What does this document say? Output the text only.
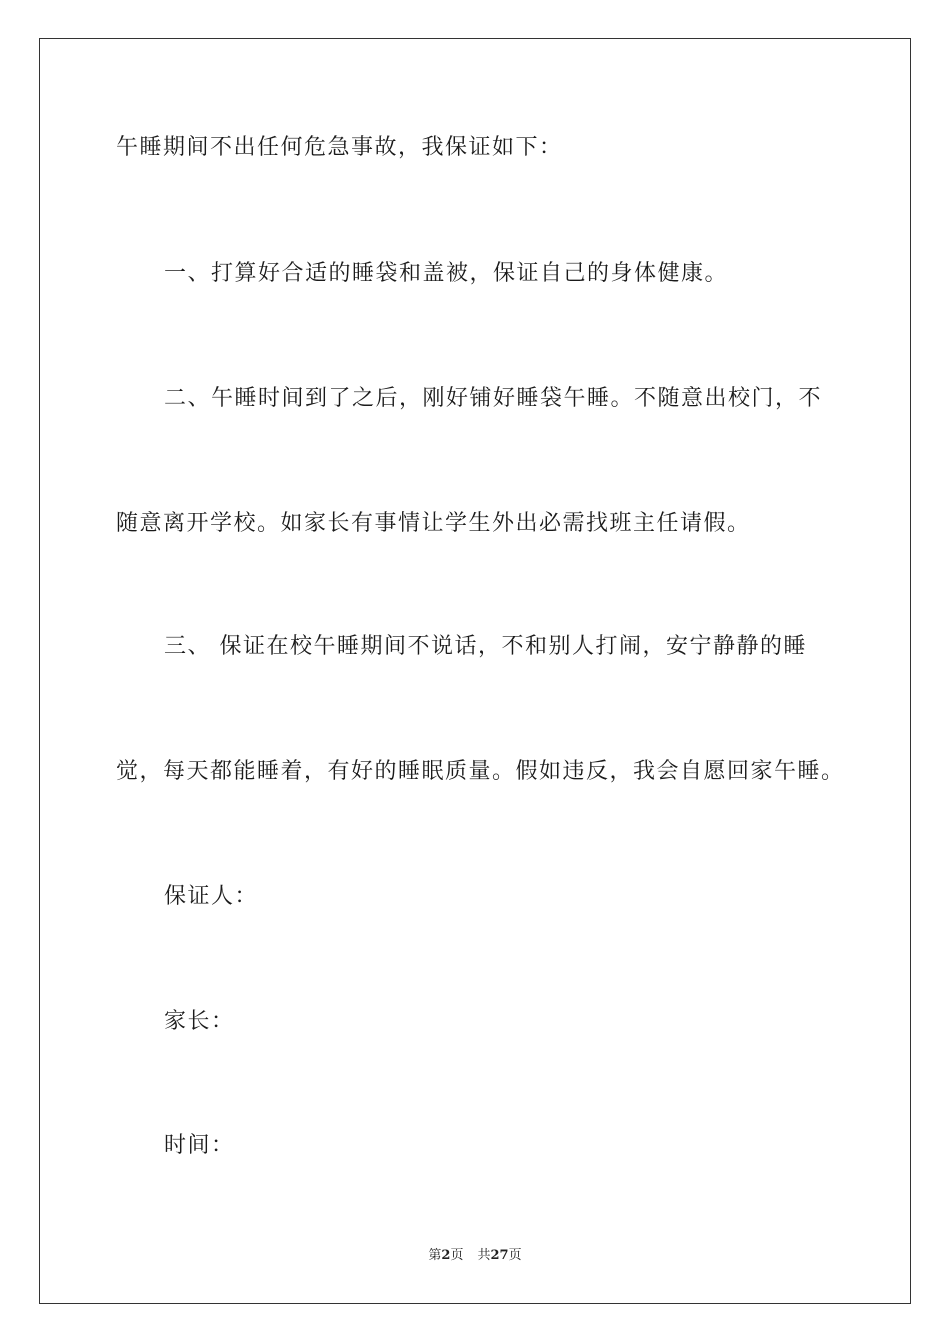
午睡期间不出任何危急事故，我保证如下：
一、打算好合适的睡袋和盖被，保证自己的身体健康。
二、午睡时间到了之后，刚好铺好睡袋午睡。不随意出校门，不
随意离开学校。如家长有事情让学生外出必需找班主任请假。
三、 保证在校午睡期间不说话，不和别人打闹，安宁静静的睡
觉，每天都能睡着，有好的睡眠质量。假如违反，我会自愿回家午睡。
保证人：
家长：
时间：
第2页 共27页
